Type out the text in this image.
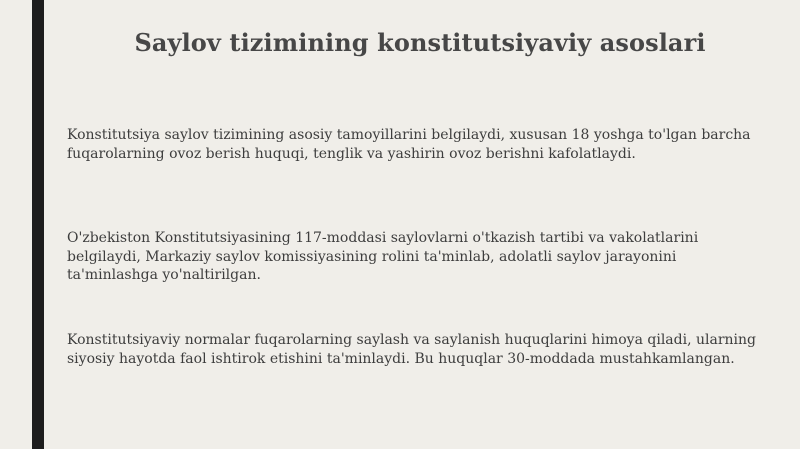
Saylov tizimining konstitutsiyaviy asoslari

Konstitutsiya saylov tizimining asosiy tamoyillarini belgilaydi, xususan 18 yoshga to'lgan barcha fuqarolarning ovoz berish huquqi, tenglik va yashirin ovoz berishni kafolatlaydi.

O'zbekiston Konstitutsiyasining 117-moddasi saylovlarni o'tkazish tartibi va vakolatlarini belgilaydi, Markaziy saylov komissiyasining rolini ta'minlab, adolatli saylov jarayonini ta'minlashga yo'naltirilgan.

Konstitutsiyaviy normalar fuqarolarning saylash va saylanish huquqlarini himoya qiladi, ularning siyosiy hayotda faol ishtirok etishini ta'minlaydi. Bu huquqlar 30-moddada mustahkamlangan.
